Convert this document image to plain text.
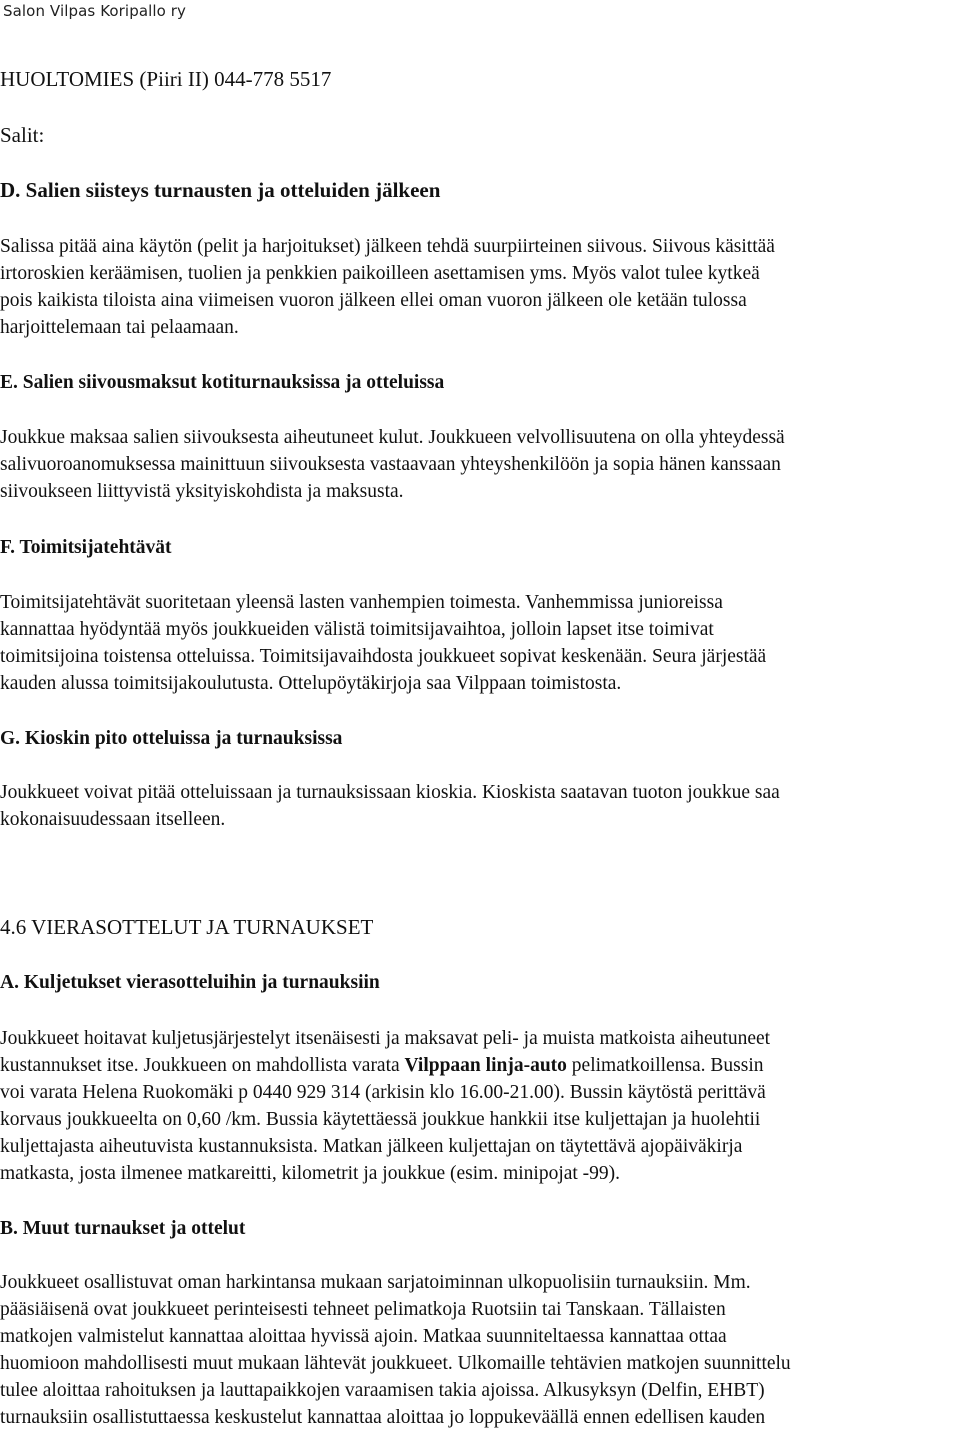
Salon Vilpas Koripallo ry
HUOLTOMIES (Piiri II) 044-778 5517
Salit:
D. Salien siisteys turnausten ja otteluiden jälkeen
Salissa pitää aina käytön (pelit ja harjoitukset) jälkeen tehdä suurpiirteinen siivous. Siivous käsittää
irtoroskien keräämisen, tuolien ja penkkien paikoilleen asettamisen yms. Myös valot tulee kytkeä
pois kaikista tiloista aina viimeisen vuoron jälkeen ellei oman vuoron jälkeen ole ketään tulossa
harjoittelemaan tai pelaamaan.
E. Salien siivousmaksut kotiturnauksissa ja otteluissa
Joukkue maksaa salien siivouksesta aiheutuneet kulut. Joukkueen velvollisuutena on olla yhteydessä
salivuoroanomuksessa mainittuun siivouksesta vastaavaan yhteyshenkilöön ja sopia hänen kanssaan
siivoukseen liittyvistä yksityiskohdista ja maksusta.
F. Toimitsijatehtävät
Toimitsijatehtävät suoritetaan yleensä lasten vanhempien toimesta. Vanhemmissa junioreissa
kannattaa hyödyntää myös joukkueiden välistä toimitsijavaihtoa, jolloin lapset itse toimivat
toimitsijoina toistensa otteluissa. Toimitsijavaihdosta joukkueet sopivat keskenään. Seura järjestää
kauden alussa toimitsijakoulutusta. Ottelupöytäkirjoja saa Vilppaan toimistosta.
G. Kioskin pito otteluissa ja turnauksissa
Joukkueet voivat pitää otteluissaan ja turnauksissaan kioskia. Kioskista saatavan tuoton joukkue saa
kokonaisuudessaan itselleen.
4.6 VIERASOTTELUT JA TURNAUKSET
A. Kuljetukset vierasotteluihin ja turnauksiin
Joukkueet hoitavat kuljetusjärjestelyt itsenäisesti ja maksavat peli- ja muista matkoista aiheutuneet
kustannukset itse. Joukkueen on mahdollista varata Vilppaan linja-auto pelimatkoillensa. Bussin
voi varata Helena Ruokomäki p 0440 929 314 (arkisin klo 16.00-21.00). Bussin käytöstä perittävä
korvaus joukkueelta on 0,60 /km. Bussia käytettäessä joukkue hankkii itse kuljettajan ja huolehtii
kuljettajasta aiheutuvista kustannuksista. Matkan jälkeen kuljettajan on täytettävä ajopäiväkirja
matkasta, josta ilmenee matkareitti, kilometrit ja joukkue (esim. minipojat -99).
B. Muut turnaukset ja ottelut
Joukkueet osallistuvat oman harkintansa mukaan sarjatoiminnan ulkopuolisiin turnauksiin. Mm.
pääsiäisenä ovat joukkueet perinteisesti tehneet pelimatkoja Ruotsiin tai Tanskaan. Tällaisten
matkojen valmistelut kannattaa aloittaa hyvissä ajoin. Matkaa suunniteltaessa kannattaa ottaa
huomioon mahdollisesti muut mukaan lähtevät joukkueet. Ulkomaille tehtävien matkojen suunnittelu
tulee aloittaa rahoituksen ja lauttapaikkojen varaamisen takia ajoissa. Alkusyksyn (Delfin, EHBT)
turnauksiin osallistuttaessa keskustelut kannattaa aloittaa jo loppukeväällä ennen edellisen kauden
